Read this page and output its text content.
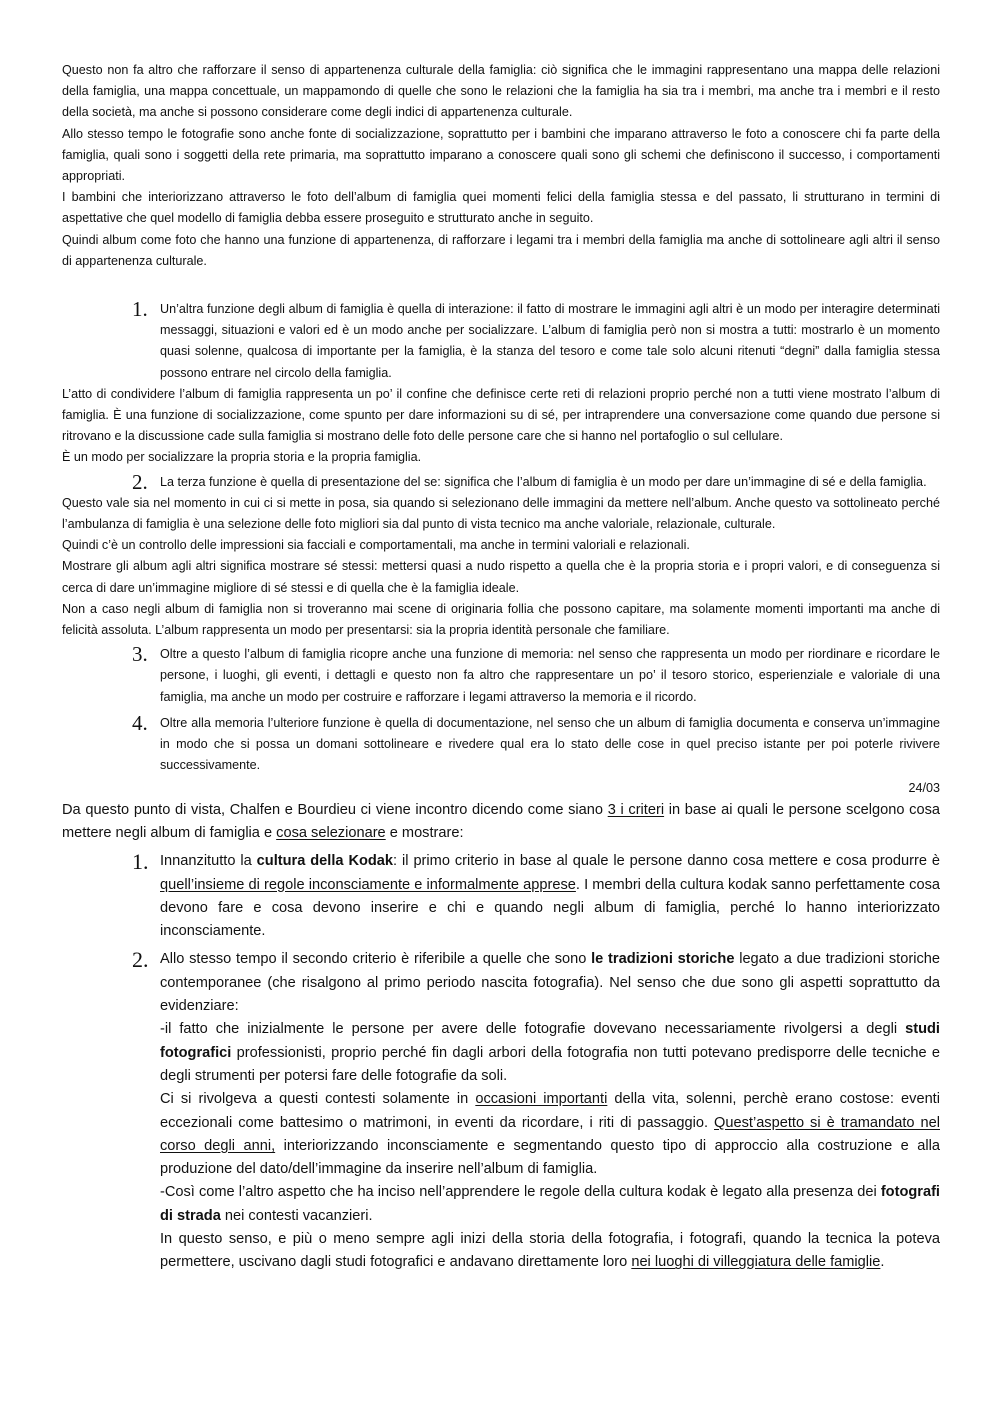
Questo non fa altro che rafforzare il senso di appartenenza culturale della famiglia: ciò significa che le immagini rappresentano una mappa delle relazioni della famiglia, una mappa concettuale, un mappamondo di quelle che sono le relazioni che la famiglia ha sia tra i membri, ma anche tra i membri e il resto della società, ma anche si possono considerare come degli indici di appartenenza culturale.

Allo stesso tempo le fotografie sono anche fonte di socializzazione, soprattutto per i bambini che imparano attraverso le foto a conoscere chi fa parte della famiglia, quali sono i soggetti della rete primaria, ma soprattutto imparano a conoscere quali sono gli schemi che definiscono il successo, i comportamenti appropriati.

I bambini che interiorizzano attraverso le foto dell’album di famiglia quei momenti felici della famiglia stessa e del passato, li strutturano in termini di aspettative che quel modello di famiglia debba essere proseguito e strutturato anche in seguito.

Quindi album come foto che hanno una funzione di appartenenza, di rafforzare i legami tra i membri della famiglia ma anche di sottolineare agli altri il senso di appartenenza culturale.

1. Un’altra funzione degli album di famiglia è quella di interazione: il fatto di mostrare le immagini agli altri è un modo per interagire determinati messaggi, situazioni e valori ed è un modo anche per socializzare. L’album di famiglia però non si mostra a tutti: mostrarlo è un momento quasi solenne, qualcosa di importante per la famiglia, è la stanza del tesoro e come tale solo alcuni ritenuti “degni” dalla famiglia stessa possono entrare nel circolo della famiglia.

L’atto di condividere l’album di famiglia rappresenta un po’ il confine che definisce certe reti di relazioni proprio perché non a tutti viene mostrato l’album di famiglia. È una funzione di socializzazione, come spunto per dare informazioni su di sé, per intraprendere una conversazione come quando due persone si ritrovano e la discussione cade sulla famiglia si mostrano delle foto delle persone care che si hanno nel portafoglio o sul cellulare.

È un modo per socializzare la propria storia e la propria famiglia.

2. La terza funzione è quella di presentazione del se: significa che l’album di famiglia è un modo per dare un’immagine di sé e della famiglia.

Questo vale sia nel momento in cui ci si mette in posa, sia quando si selezionano delle immagini da mettere nell’album. Anche questo va sottolineato perché l’ambulanza di famiglia è una selezione delle foto migliori sia dal punto di vista tecnico ma anche valoriale, relazionale, culturale.

Quindi c’è un controllo delle impressioni sia facciali e comportamentali, ma anche in termini valoriali e relazionali.

Mostrare gli album agli altri significa mostrare sé stessi: mettersi quasi a nudo rispetto a quella che è la propria storia e i propri valori, e di conseguenza si cerca di dare un’immagine migliore di sé stessi e di quella che è la famiglia ideale.

Non a caso negli album di famiglia non si troveranno mai scene di originaria follia che possono capitare, ma solamente momenti importanti ma anche di felicità assoluta. L’album rappresenta un modo per presentarsi: sia la propria identità personale che familiare.

3. Oltre a questo l’album di famiglia ricopre anche una funzione di memoria: nel senso che rappresenta un modo per riordinare e ricordare le persone, i luoghi, gli eventi, i dettagli e questo non fa altro che rappresentare un po’ il tesoro storico, esperienziale e valoriale di una famiglia, ma anche un modo per costruire e rafforzare i legami attraverso la memoria e il ricordo.
4. Oltre alla memoria l’ulteriore funzione è quella di documentazione, nel senso che un album di famiglia documenta e conserva un’immagine in modo che si possa un domani sottolineare e rivedere qual era lo stato delle cose in quel preciso istante per poi poterle rivivere successivamente.
24/03

Da questo punto di vista, Chalfen e Bourdieu ci viene incontro dicendo come siano 3 i criteri in base ai quali le persone scelgono cosa mettere negli album di famiglia e cosa selezionare e mostrare:

1. Innanzitutto la cultura della Kodak: il primo criterio in base al quale le persone danno cosa mettere e cosa produrre è quell’insieme di regole inconsciamente e informalmente apprese. I membri della cultura kodak sanno perfettamente cosa devono fare e cosa devono inserire e chi e quando negli album di famiglia, perché lo hanno interiorizzato inconsciamente.
2. Allo stesso tempo il secondo criterio è riferibile a quelle che sono le tradizioni storiche legato a due tradizioni storiche contemporanee (che risalgono al primo periodo nascita fotografia). Nel senso che due sono gli aspetti soprattutto da evidenziare:

-il fatto che inizialmente le persone per avere delle fotografie dovevano necessariamente rivolgersi a degli studi fotografici professionisti, proprio perché fin dagli arbori della fotografia non tutti potevano predisporre delle tecniche e degli strumenti per potersi fare delle fotografie da soli.

Ci si rivolgeva a questi contesti solamente in occasioni importanti della vita, solenni, perchè erano costose: eventi eccezionali come battesimo o matrimoni, in eventi da ricordare, i riti di passaggio. Quest’aspetto si è tramandato nel corso degli anni, interiorizzando inconsciamente e segmentando questo tipo di approccio alla costruzione e alla produzione del dato/dell’immagine da inserire nell’album di famiglia.

-Così come l’altro aspetto che ha inciso nell’apprendere le regole della cultura kodak è legato alla presenza dei fotografi di strada nei contesti vacanzieri.

In questo senso, e più o meno sempre agli inizi della storia della fotografia, i fotografi, quando la tecnica la poteva permettere, uscivano dagli studi fotografici e andavano direttamente loro nei luoghi di villeggiatura delle famiglie.
